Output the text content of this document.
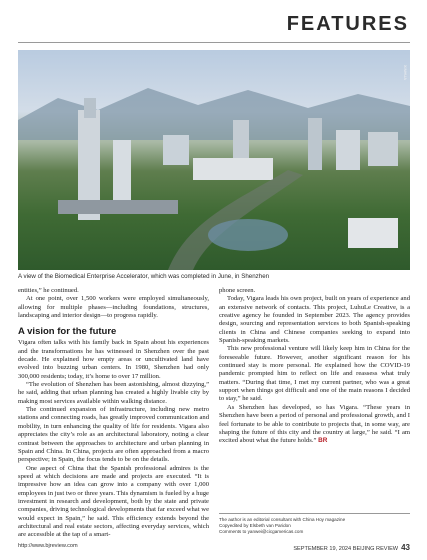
FEATURES
XINHUA
A view of the Biomedical Enterprise Accelerator, which was completed in June, in Shenzhen

entities,” he continued.

At one point, over 1,500 workers were employed simultaneously, allowing for multiple phases—including foundations, structures, landscaping and interior design—to progress rapidly.

A vision for the future

Vigara often talks with his family back in Spain about his experiences and the transformations he has witnessed in Shenzhen over the past decade. He explained how empty areas or uncultivated land have evolved into buzzing urban centers. In 1980, Shenzhen had only 300,000 residents; today, it’s home to over 17 million.

“The evolution of Shenzhen has been astonishing, almost dizzying,” he said, adding that urban planning has created a highly livable city by making most services available within walking distance.

The continued expansion of infrastructure, including new metro stations and connecting roads, has greatly improved communication and mobility, in turn enhancing the quality of life for residents. Vigara also appreciates the city’s role as an architectural laboratory, noting a clear contrast between the approaches to architecture and urban planning in Spain and China. In China, projects are often approached from a macro perspective; in Spain, the focus tends to be on the details.

One aspect of China that the Spanish professional admires is the speed at which decisions are made and projects are executed. “It is impressive how an idea can grow into a company with over 1,000 employees in just two or three years. This dynamism is fueled by a huge investment in research and development, both by the state and private companies, driving technological developments that far exceed what we would expect in Spain,” he said. This efficiency extends beyond the architectural and real estate sectors, affecting everyday services, which are accessible at the tap of a smart-

phone screen.

Today, Vigara leads his own project, built on years of experience and an extensive network of contacts. This project, LuhuLe Creative, is a creative agency he founded in September 2023. The agency provides design, sourcing and representation services to both Spanish-speaking clients in China and Chinese companies seeking to expand into Spanish-speaking markets.

This new professional venture will likely keep him in China for the foreseeable future. However, another significant reason for his continued stay is more personal. He explained how the COVID-19 pandemic prompted him to reflect on life and reassess what truly matters. “During that time, I met my current partner, who was a great support when things got difficult and one of the main reasons I decided to stay,” he said.

As Shenzhen has developed, so has Vigara. “These years in Shenzhen have been a period of personal and professional growth, and I feel fortunate to be able to contribute to projects that, in some way, are shaping the future of this city and the country at large,” he said. “I am excited about what the future holds.” BR

The author is an editorial consultant with China Hoy magazine

Copyedited by Elsbeth van Paridon

Comments to yanwei@cicgamericas.com

http://www.bjreview.com	SEPTEMBER 19, 2024 BEIJING REVIEW 43
